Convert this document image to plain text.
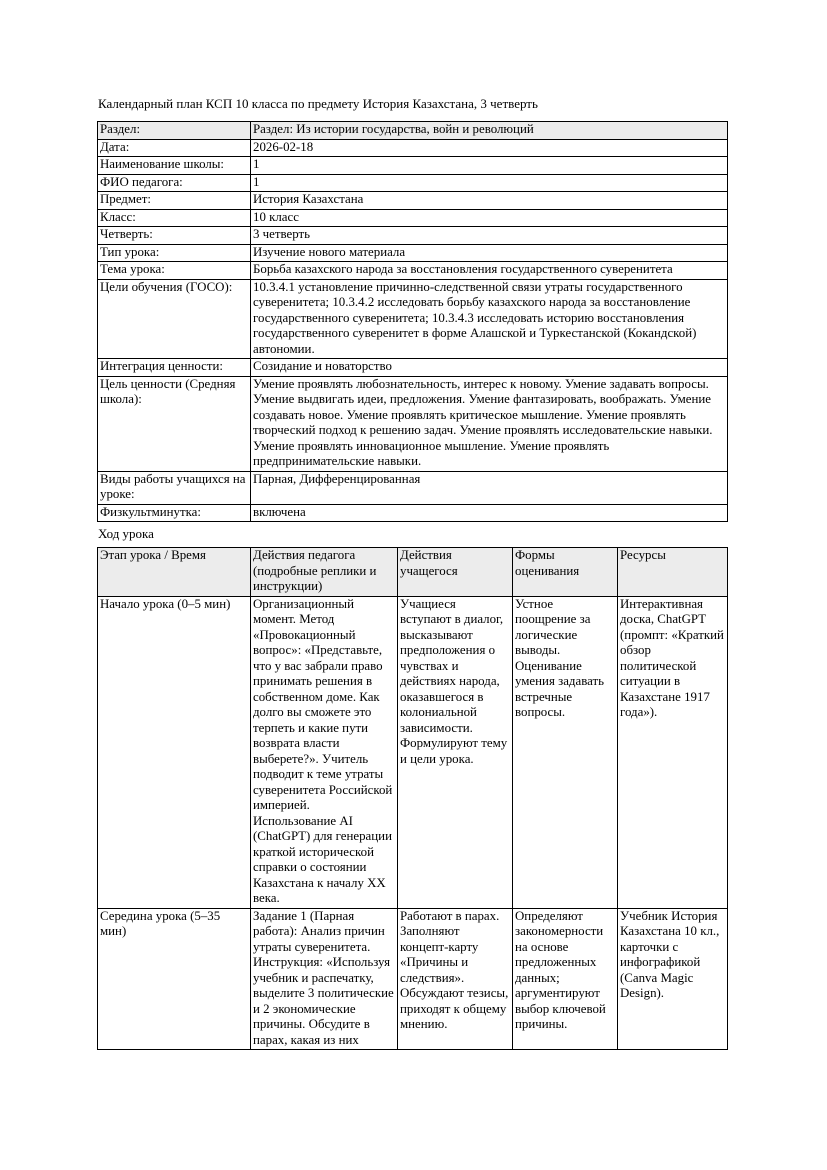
Календарный план КСП 10 класса по предмету История Казахстана, 3 четверть

Раздел:	Раздел: Из истории государства, войн и революций
Дата:	2026-02-18
Наименование школы:	1
ФИО педагога:	1
Предмет:	История Казахстана
Класс:	10 класс
Четверть:	3 четверть
Тип урока:	Изучение нового материала
Тема урока:	Борьба казахского народа за восстановления государственного суверенитета
Цели обучения (ГОСО):	10.3.4.1 установление причинно-следственной связи утраты государственного суверенитета; 10.3.4.2 исследовать борьбу казахского народа за восстановление государственного суверенитета; 10.3.4.3 исследовать историю восстановления государственного суверенитет в форме Алашской и Туркестанской (Кокандской) автономии.
Интеграция ценности:	Созидание и новаторство
Цель ценности (Средняя школа):	Умение проявлять любознательность, интерес к новому. Умение задавать вопросы. Умение выдвигать идеи, предложения. Умение фантазировать, воображать. Умение создавать новое. Умение проявлять критическое мышление. Умение проявлять творческий подход к решению задач. Умение проявлять исследовательские навыки. Умение проявлять инновационное мышление. Умение проявлять предпринимательские навыки.
Виды работы учащихся на уроке:	Парная, Дифференцированная
Физкультминутка:	включена

Ход урока

Этап урока / Время	Действия педагога (подробные реплики и инструкции)	Действия учащегося	Формы оценивания	Ресурсы
Начало урока (0–5 мин)	Организационный момент. Метод «Провокационный вопрос»: «Представьте, что у вас забрали право принимать решения в собственном доме. Как долго вы сможете это терпеть и какие пути возврата власти выберете?». Учитель подводит к теме утраты суверенитета Российской империей. Использование AI (ChatGPT) для генерации краткой исторической справки о состоянии Казахстана к началу XX века.	Учащиеся вступают в диалог, высказывают предположения о чувствах и действиях народа, оказавшегося в колониальной зависимости. Формулируют тему и цели урока.	Устное поощрение за логические выводы. Оценивание умения задавать встречные вопросы.	Интерактивная доска, ChatGPT (промпт: «Краткий обзор политической ситуации в Казахстане 1917 года»).
Середина урока (5–35 мин)	Задание 1 (Парная работа): Анализ причин утраты суверенитета. Инструкция: «Используя учебник и распечатку, выделите 3 политические и 2 экономические причины. Обсудите в парах, какая из них	Работают в парах. Заполняют концепт-карту «Причины и следствия». Обсуждают тезисы, приходят к общему мнению.	Определяют закономерности на основе предложенных данных; аргументируют выбор ключевой причины.	Учебник История Казахстана 10 кл., карточки с инфографикой (Canva Magic Design).
